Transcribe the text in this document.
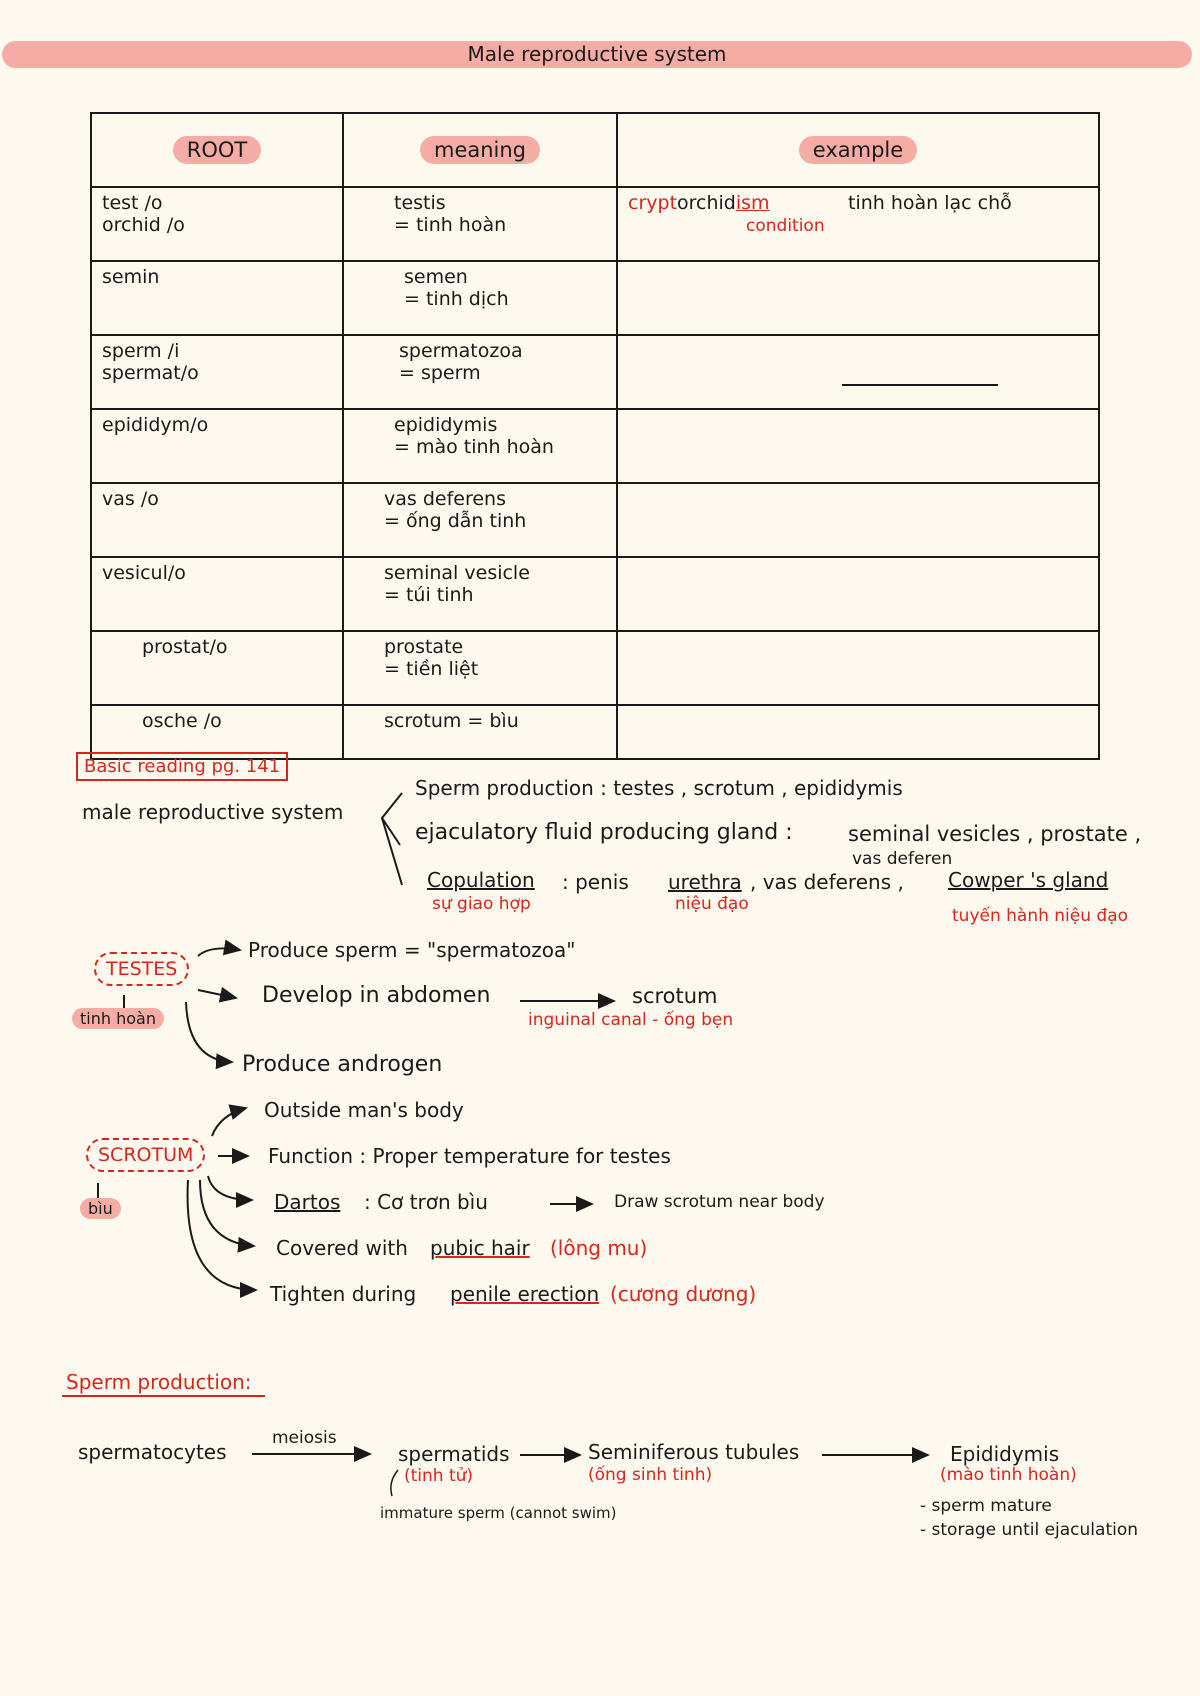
Male reproductive system
ROOT	meaning	example

test /o
orchid /o	testis
= tinh hoàn	cryptorchidism tinh hoàn lạc chỗ
condition

semin	semen
= tinh dịch	

sperm /i
spermat/o	spermatozoa
= sperm	

epididym/o	epididymis
= mào tinh hoàn	

vas /o	vas deferens
= ống dẫn tinh	

vesicul/o	seminal vesicle
= túi tinh	

prostat/o	prostate
= tiền liệt	

osche /o	scrotum = bìu	

Basic reading pg. 141
male reproductive system
Sperm production : testes , scrotum , epididymis
ejaculatory fluid producing gland :	seminal vesicles , prostate ,
vas deferen
Copulation
sự giao hợp
: penis urethra
niệu đạo
, vas deferens , Cowper 's gland
tuyến hành niệu đạo
TESTES
tinh hoàn
Produce sperm = "spermatozoa"
Develop in abdomen	scrotum
inguinal canal - ống bẹn
Produce androgen
SCROTUM
bìu
Outside man's body
Function : Proper temperature for testes
Dartos : Cơ trơn bìu	Draw scrotum near body
Covered with pubic hair (lông mu)
Tighten during penile erection (cương dương)
Sperm production:
spermatocytes
meiosis
spermatids
(tinh tử)
immature sperm (cannot swim)
Seminiferous tubules
(ống sinh tinh)
Epididymis
(mào tinh hoàn)
- sperm mature
- storage until ejaculation
